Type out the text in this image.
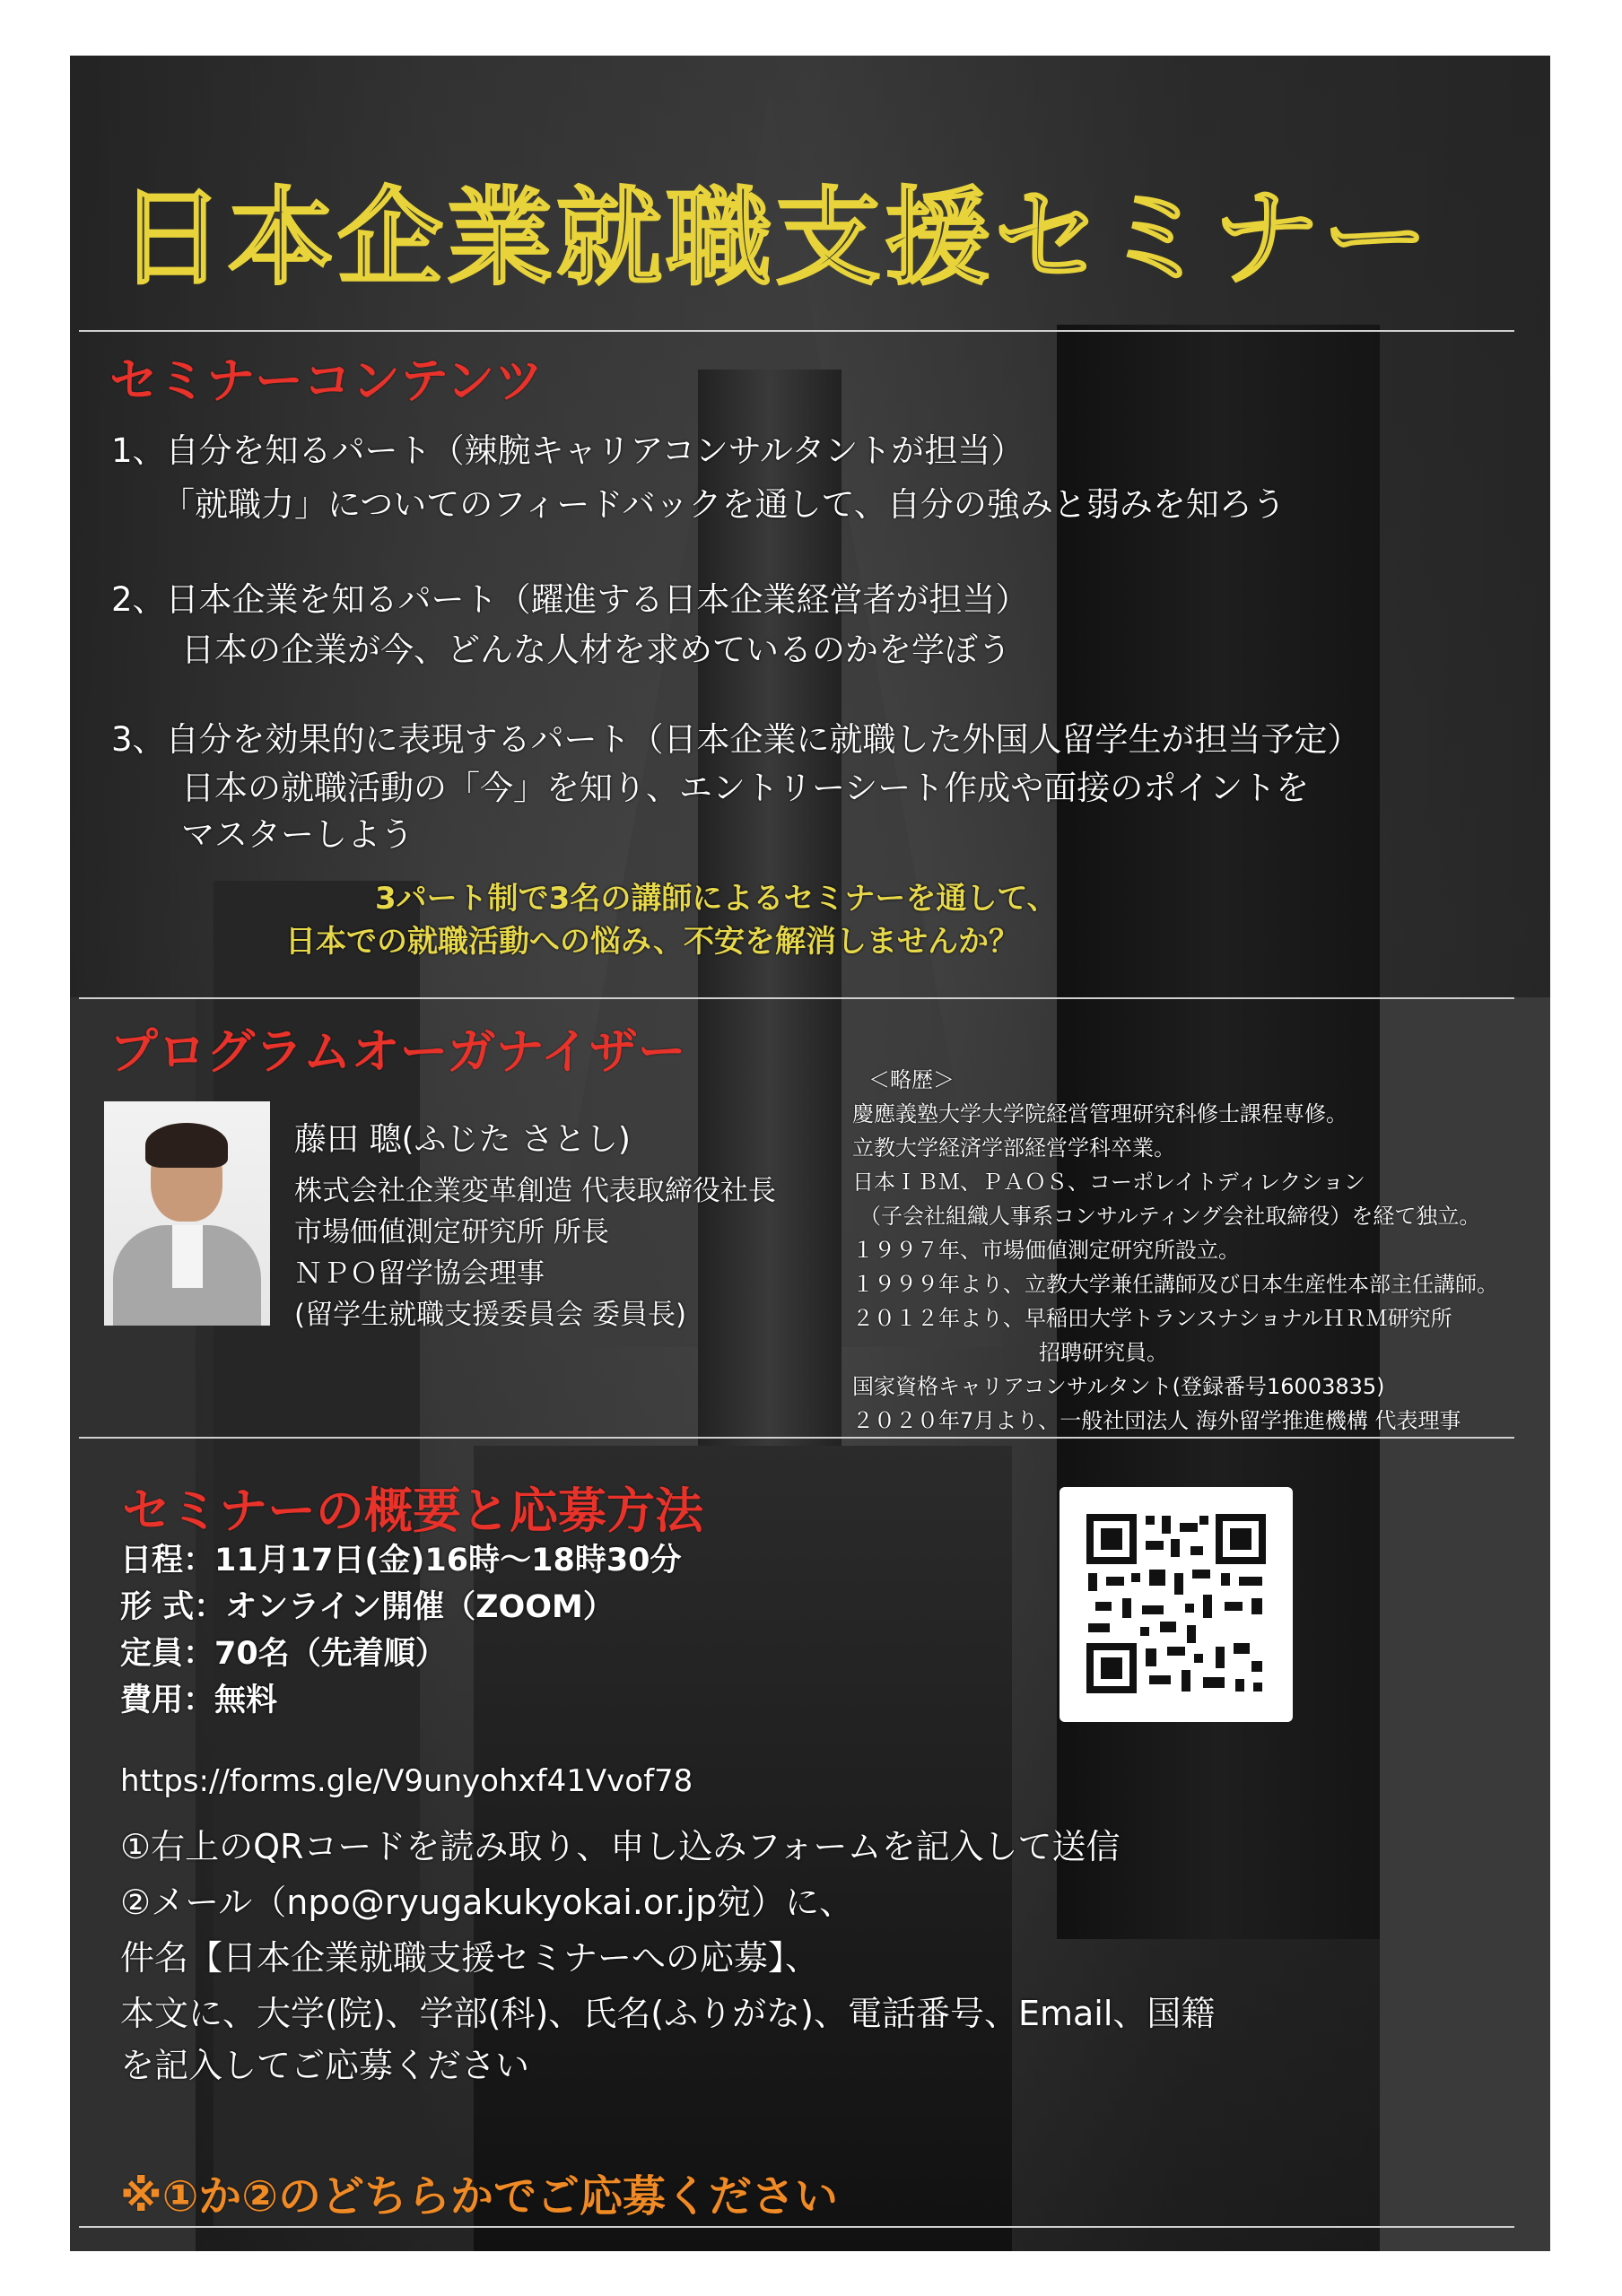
日本企業就職支援セミナー
セミナーコンテンツ
1、自分を知るパート（辣腕キャリアコンサルタントが担当）
「就職力」についてのフィードバックを通して、自分の強みと弱みを知ろう
2、日本企業を知るパート（躍進する日本企業経営者が担当）
日本の企業が今、どんな人材を求めているのかを学ぼう
3、自分を効果的に表現するパート（日本企業に就職した外国人留学生が担当予定）
日本の就職活動の「今」を知り、エントリーシート作成や面接のポイントを
マスターしよう
3パート制で3名の講師によるセミナーを通して、
日本での就職活動への悩み、不安を解消しませんか？
プログラムオーガナイザー
藤田 聰(ふじた さとし)
株式会社企業変革創造 代表取締役社長
市場価値測定研究所 所長
ＮＰＯ留学協会理事
(留学生就職支援委員会 委員長)
＜略歴＞
慶應義塾大学大学院経営管理研究科修士課程専修。
立教大学経済学部経営学科卒業。
日本ＩＢＭ、ＰＡＯＳ、コーポレイトディレクション
（子会社組織人事系コンサルティング会社取締役）を経て独立。
１９９７年、市場価値測定研究所設立。
１９９９年より、立教大学兼任講師及び日本生産性本部主任講師。
２０１２年より、早稲田大学トランスナショナルＨＲＭ研究所
招聘研究員。
国家資格キャリアコンサルタント(登録番号16003835)
２０２０年7月より、一般社団法人 海外留学推進機構 代表理事
セミナーの概要と応募方法
日程：11月17日(金)16時～18時30分
形 式：オンライン開催（ZOOM）
定員：70名（先着順）
費用：無料
https://forms.gle/V9unyohxf41Vvof78
①右上のQRコードを読み取り、申し込みフォームを記入して送信
②メール（npo@ryugakukyokai.or.jp宛）に、
件名【日本企業就職支援セミナーへの応募】、
本文に、大学(院)、学部(科)、氏名(ふりがな)、電話番号、Email、国籍
を記入してご応募ください
※①か②のどちらかでご応募ください
